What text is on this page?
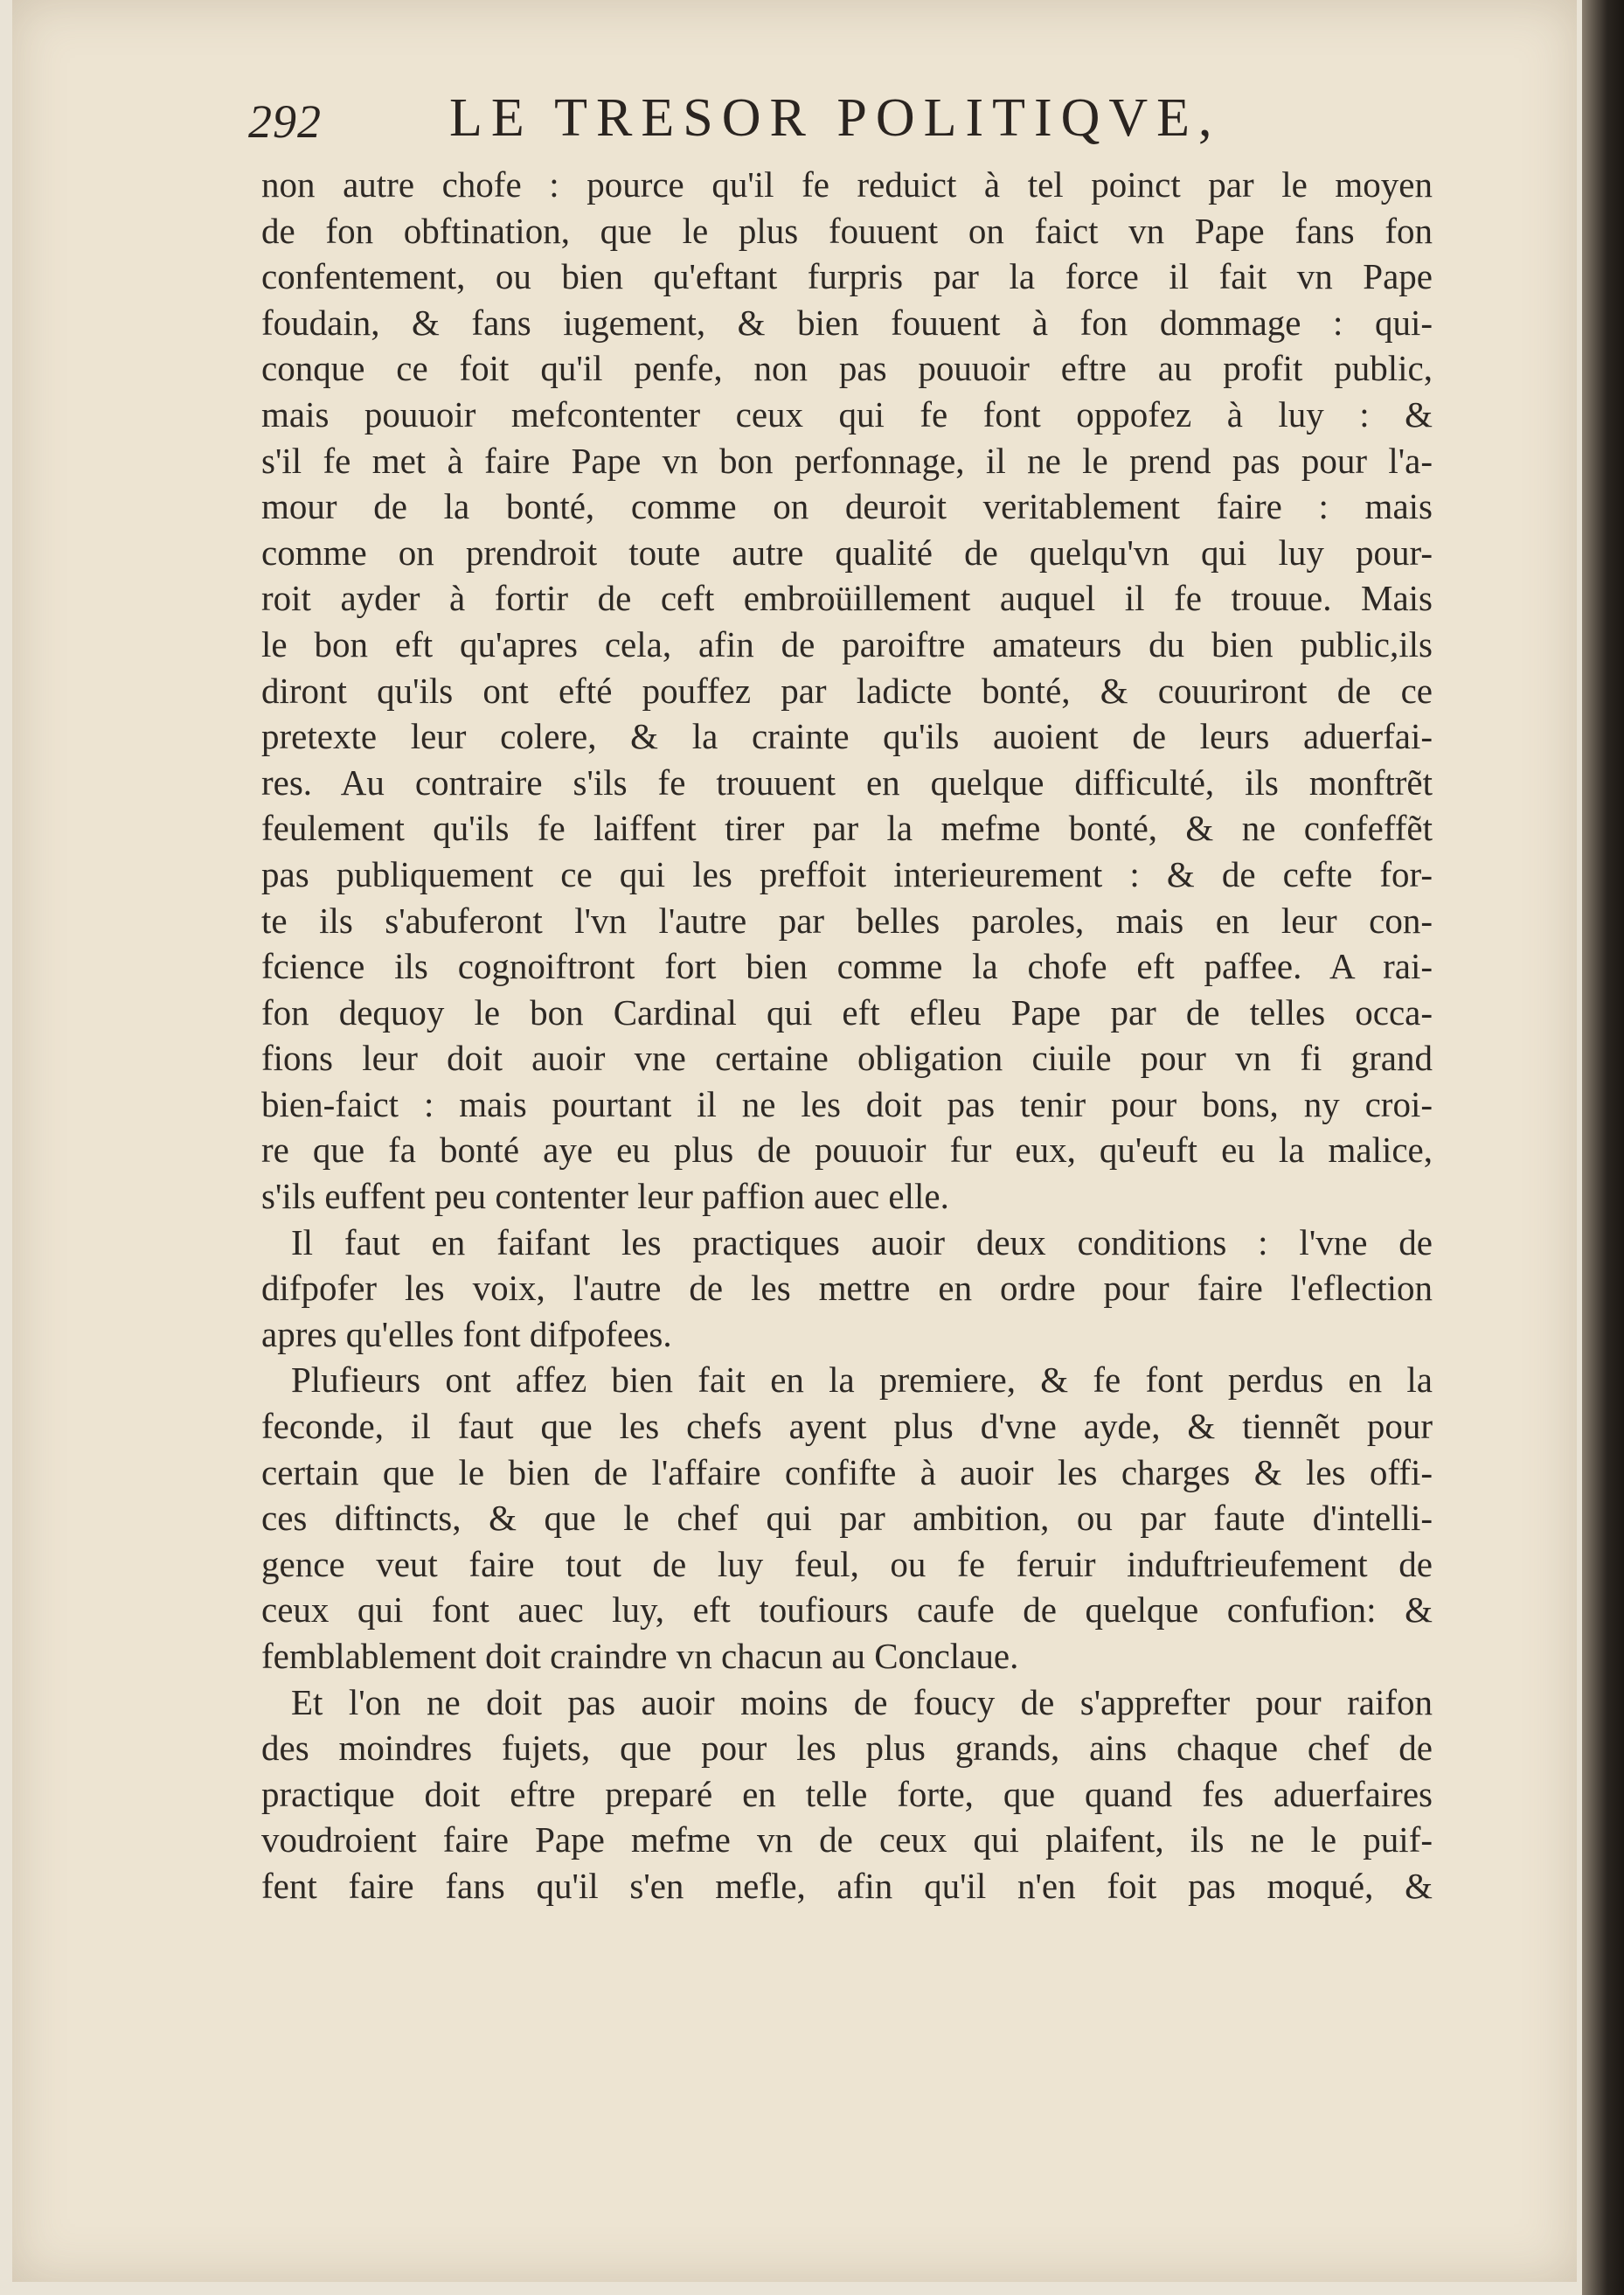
292 LE TRESOR POLITIQVE,
non autre chofe : pource qu'il fe reduict à tel poinct par le moyen
de fon obftination, que le plus fouuent on faict vn Pape fans fon
confentement, ou bien qu'eftant furpris par la force il fait vn Pape
foudain, & fans iugement, & bien fouuent à fon dommage : qui-
conque ce foit qu'il penfe, non pas pouuoir eftre au profit public,
mais pouuoir mefcontenter ceux qui fe font oppofez à luy : &
s'il fe met à faire Pape vn bon perfonnage, il ne le prend pas pour l'a-
mour de la bonté, comme on deuroit veritablement faire : mais
comme on prendroit toute autre qualité de quelqu'vn qui luy pour-
roit ayder à fortir de ceft embroüillement auquel il fe trouue. Mais
le bon eft qu'apres cela, afin de paroiftre amateurs du bien public,ils
diront qu'ils ont efté pouffez par ladicte bonté, & couuriront de ce
pretexte leur colere, & la crainte qu'ils auoient de leurs aduerfai-
res. Au contraire s'ils fe trouuent en quelque difficulté, ils monftrẽt
feulement qu'ils fe laiffent tirer par la mefme bonté, & ne confeffẽt
pas publiquement ce qui les preffoit interieurement : & de cefte for-
te ils s'abuferont l'vn l'autre par belles paroles, mais en leur con-
fcience ils cognoiftront fort bien comme la chofe eft paffee. A rai-
fon dequoy le bon Cardinal qui eft efleu Pape par de telles occa-
fions leur doit auoir vne certaine obligation ciuile pour vn fi grand
bien-faict : mais pourtant il ne les doit pas tenir pour bons, ny croi-
re que fa bonté aye eu plus de pouuoir fur eux, qu'euft eu la malice,
s'ils euffent peu contenter leur paffion auec elle.
Il faut en faifant les practiques auoir deux conditions : l'vne de
difpofer les voix, l'autre de les mettre en ordre pour faire l'eflection
apres qu'elles font difpofees.
Plufieurs ont affez bien fait en la premiere, & fe font perdus en la
feconde, il faut que les chefs ayent plus d'vne ayde, & tiennẽt pour
certain que le bien de l'affaire confifte à auoir les charges & les offi-
ces diftincts, & que le chef qui par ambition, ou par faute d'intelli-
gence veut faire tout de luy feul, ou fe feruir induftrieufement de
ceux qui font auec luy, eft toufiours caufe de quelque confufion: &
femblablement doit craindre vn chacun au Conclaue.
Et l'on ne doit pas auoir moins de foucy de s'apprefter pour raifon
des moindres fujets, que pour les plus grands, ains chaque chef de
practique doit eftre preparé en telle forte, que quand fes aduerfaires
voudroient faire Pape mefme vn de ceux qui plaifent, ils ne le puif-
fent faire fans qu'il s'en mefle, afin qu'il n'en foit pas moqué, &
